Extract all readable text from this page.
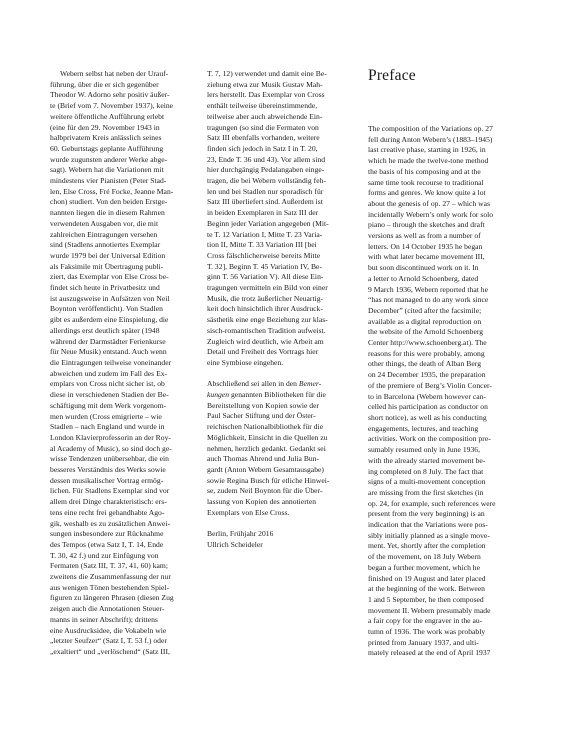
Preface
Webern selbst hat neben der Urauf-
führung, über die er sich gegenüber
Theodor W. Adorno sehr positiv äußer-
te (Brief vom 7. November 1937), keine
weitere öffentliche Aufführung erlebt
(eine für den 29. November 1943 in
halbprivatem Kreis anlässlich seines
60. Geburtstags geplante Aufführung
wurde zugunsten anderer Werke abge-
sagt). Webern hat die Variationen mit
mindestens vier Pianisten (Peter Stad-
len, Else Cross, Fré Focke, Jeanne Man-
chon) studiert. Von den beiden Erstge-
nannten liegen die in diesem Rahmen
verwendeten Ausgaben vor, die mit
zahlreichen Eintragungen versehen
sind (Stadlens annotiertes Exemplar
wurde 1979 bei der Universal Edition
als Faksimile mit Übertragung publi-
ziert, das Exemplar von Else Cross be-
findet sich heute in Privatbesitz und
ist auszugsweise in Aufsätzen von Neil
Boynton veröffentlicht). Von Stadlen
gibt es außerdem eine Einspielung, die
allerdings erst deutlich später (1948
während der Darmstädter Ferienkurse
für Neue Musik) entstand. Auch wenn
die Eintragungen teilweise voneinander
abweichen und zudem im Fall des Ex-
emplars von Cross nicht sicher ist, ob
diese in verschiedenen Stadien der Be-
schäftigung mit dem Werk vorgenom-
men wurden (Cross emigrierte – wie
Stadlen – nach England und wurde in
London Klavierprofessorin an der Roy-
al Academy of Music), so sind doch ge-
wisse Tendenzen unübersehbar, die ein
besseres Verständnis des Werks sowie
dessen musikalischer Vortrag ermög-
lichen. Für Stadlens Exemplar sind vor
allem drei Dinge charakteristisch: ers-
tens eine recht frei gehandhabte Ago-
gik, weshalb es zu zusätzlichen Anwei-
sungen insbesondere zur Rücknahme
des Tempos (etwa Satz I, T. 14, Ende
T. 30, 42 f.) und zur Einfügung von
Fermaten (Satz III, T. 37, 41, 60) kam;
zweitens die Zusammenfassung der nur
aus wenigen Tönen bestehenden Spiel-
figuren zu längeren Phrasen (diesen Zug
zeigen auch die Annotationen Steuer-
manns in seiner Abschrift); drittens
eine Ausdrucksidee, die Vokabeln wie
„letzter Seufzer“ (Satz I, T. 53 f.) oder
„exaltiert“ und „verlöschend“ (Satz III,
T. 7, 12) verwendet und damit eine Be-
ziehung etwa zur Musik Gustav Mah-
lers herstellt. Das Exemplar von Cross
enthält teilweise übereinstimmende,
teilweise aber auch abweichende Ein-
tragungen (so sind die Fermaten von
Satz III ebenfalls vorhanden, weitere
finden sich jedoch in Satz I in T. 20,
23, Ende T. 36 und 43). Vor allem sind
hier durchgängig Pedalangaben einge-
tragen, die bei Webern vollständig feh-
len und bei Stadlen nur sporadisch für
Satz III überliefert sind. Außerdem ist
in beiden Exemplaren in Satz III der
Beginn jeder Variation angegeben (Mit-
te T. 12 Variation I, Mitte T. 23 Varia-
tion II, Mitte T. 33 Variation III [bei
Cross fälschlicherweise bereits Mitte
T. 32], Beginn T. 45 Variation IV, Be-
ginn T. 56 Variation V). All diese Ein-
tragungen vermitteln ein Bild von einer
Musik, die trotz äußerlicher Neuartig-
keit doch hinsichtlich ihrer Ausdruck-
sästhetik eine enge Beziehung zur klas-
sisch-romantischen Tradition aufweist.
Zugleich wird deutlich, wie Arbeit am
Detail und Freiheit des Vortrags hier
eine Symbiose eingehen.
Abschließend sei allen in den Bemer-
kungen genannten Bibliotheken für die
Bereitstellung von Kopien sowie der
Paul Sacher Stiftung und der Öster-
reichischen Nationalbibliothek für die
Möglichkeit, Einsicht in die Quellen zu
nehmen, herzlich gedankt. Gedankt sei
auch Thomas Ahrend und Julia Bun-
gardt (Anton Webern Gesamtausgabe)
sowie Regina Busch für etliche Hinwei-
se, zudem Neil Boynton für die Über-
lassung von Kopien des annotierten
Exemplars von Else Cross.
Berlin, Frühjahr 2016
Ullrich Scheideler
The composition of the Variations op. 27
fell during Anton Webern’s (1883–1945)
last creative phase, starting in 1926, in
which he made the twelve-tone method
the basis of his composing and at the
same time took recourse to traditional
forms and genres. We know quite a lot
about the genesis of op. 27 – which was
incidentally Webern’s only work for solo
piano – through the sketches and draft
versions as well as from a number of
letters. On 14 October 1935 he began
with what later became movement III,
but soon discontinued work on it. In
a letter to Arnold Schoenberg, dated
9 March 1936, Webern reported that he
“has not managed to do any work since
December” (cited after the facsimile;
available as a digital reproduction on
the website of the Arnold Schoenberg
Center http://www.schoenberg.at). The
reasons for this were probably, among
other things, the death of Alban Berg
on 24 December 1935, the preparation
of the premiere of Berg’s Violin Concer-
to in Barcelona (Webern however can-
celled his participation as conductor on
short notice), as well as his conducting
engagements, lectures, and teaching
activities. Work on the composition pre-
sumably resumed only in June 1936,
with the already started movement be-
ing completed on 8 July. The fact that
signs of a multi-movement conception
are missing from the first sketches (in
op. 24, for example, such references were
present from the very beginning) is an
indication that the Variations were pos-
sibly initially planned as a single move-
ment. Yet, shortly after the completion
of the movement, on 18 July Webern
began a further movement, which he
finished on 19 August and later placed
at the beginning of the work. Between
1 and 5 September, he then composed
movement II. Webern presumably made
a fair copy for the engraver in the au-
tumn of 1936. The work was probably
printed from January 1937, and ulti-
mately released at the end of April 1937
